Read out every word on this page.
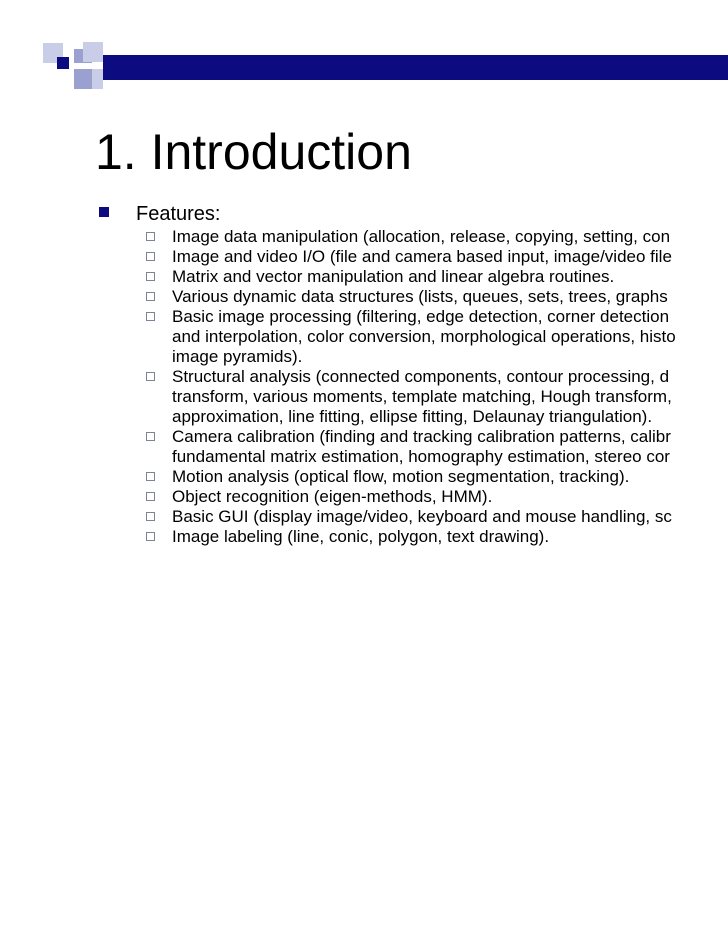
1. Introduction
Features:
Image data manipulation (allocation, release, copying, setting, con
Image and video I/O (file and camera based input, image/video file
Matrix and vector manipulation and linear algebra routines.
Various dynamic data structures (lists, queues, sets, trees, graphs
Basic image processing (filtering, edge detection, corner detection
and interpolation, color conversion, morphological operations, histo
image pyramids).
Structural analysis (connected components, contour processing, d
transform, various moments, template matching, Hough transform,
approximation, line fitting, ellipse fitting, Delaunay triangulation).
Camera calibration (finding and tracking calibration patterns, calibr
fundamental matrix estimation, homography estimation, stereo cor
Motion analysis (optical flow, motion segmentation, tracking).
Object recognition (eigen-methods, HMM).
Basic GUI (display image/video, keyboard and mouse handling, sc
Image labeling (line, conic, polygon, text drawing).
